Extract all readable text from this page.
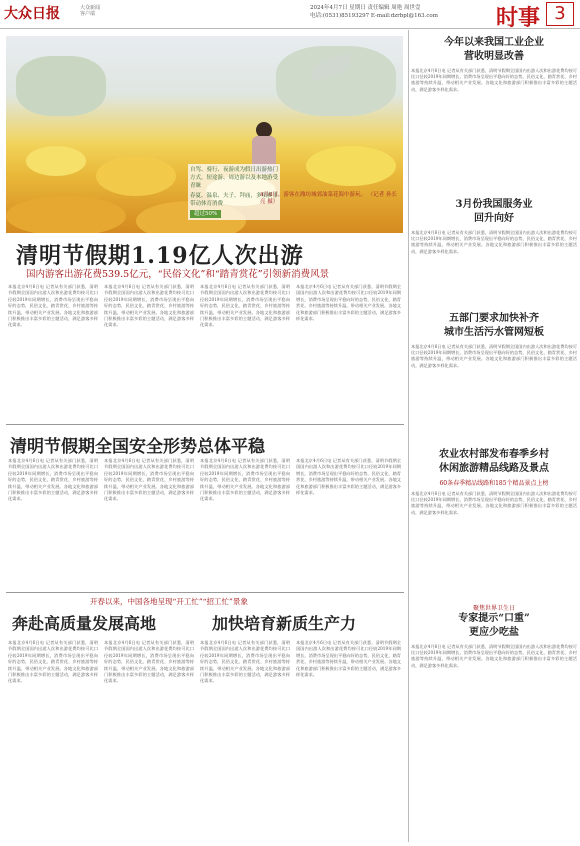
大众日报	大众新闻
客户端
2024年4月7日 星期日 责任编辑 周艳 周世壹
电话:(0531)85193297 E-mail:dzrbpl@163.com	时事 3
自驾、骑行、夜游成为假日出游热门方式，短途游、周边游以及本地游受青睐
春夏、温泉、夫子、拜庙，多项赛事带动体育消费
超过50%
4月6日，游客在潍坊城郊油菜花海中游玩。 （记者 孙长亮 摄）
清明节假期1.19亿人次出游
国内游客出游花费539.5亿元，“民俗文化”和“踏青赏花”引领新消费风景
本报北京4月6日电 记者从有关部门获悉，清明节假期全国国内出游人次和出游花费均按可比口径较2019年同期增长，消费市场呈现出平稳向好的态势，民俗文化、踏青赏花、乡村旅游等持续升温，带动相关产业发展。各地文化和旅游部门积极推出丰富多彩的主题活动，满足游客多样化需求。
本报北京4月6日电 记者从有关部门获悉，清明节假期全国国内出游人次和出游花费均按可比口径较2019年同期增长，消费市场呈现出平稳向好的态势，民俗文化、踏青赏花、乡村旅游等持续升温，带动相关产业发展。各地文化和旅游部门积极推出丰富多彩的主题活动，满足游客多样化需求。
本报北京4月6日电 记者从有关部门获悉，清明节假期全国国内出游人次和出游花费均按可比口径较2019年同期增长，消费市场呈现出平稳向好的态势，民俗文化、踏青赏花、乡村旅游等持续升温，带动相关产业发展。各地文化和旅游部门积极推出丰富多彩的主题活动，满足游客多样化需求。
本报北京4月6日电 记者从有关部门获悉，清明节假期全国国内出游人次和出游花费均按可比口径较2019年同期增长，消费市场呈现出平稳向好的态势，民俗文化、踏青赏花、乡村旅游等持续升温，带动相关产业发展。各地文化和旅游部门积极推出丰富多彩的主题活动，满足游客多样化需求。
清明节假期全国安全形势总体平稳
本报北京4月6日电 记者从有关部门获悉，清明节假期全国国内出游人次和出游花费均按可比口径较2019年同期增长，消费市场呈现出平稳向好的态势，民俗文化、踏青赏花、乡村旅游等持续升温，带动相关产业发展。各地文化和旅游部门积极推出丰富多彩的主题活动，满足游客多样化需求。
本报北京4月6日电 记者从有关部门获悉，清明节假期全国国内出游人次和出游花费均按可比口径较2019年同期增长，消费市场呈现出平稳向好的态势，民俗文化、踏青赏花、乡村旅游等持续升温，带动相关产业发展。各地文化和旅游部门积极推出丰富多彩的主题活动，满足游客多样化需求。
本报北京4月6日电 记者从有关部门获悉，清明节假期全国国内出游人次和出游花费均按可比口径较2019年同期增长，消费市场呈现出平稳向好的态势，民俗文化、踏青赏花、乡村旅游等持续升温，带动相关产业发展。各地文化和旅游部门积极推出丰富多彩的主题活动，满足游客多样化需求。
本报北京4月6日电 记者从有关部门获悉，清明节假期全国国内出游人次和出游花费均按可比口径较2019年同期增长，消费市场呈现出平稳向好的态势，民俗文化、踏青赏花、乡村旅游等持续升温，带动相关产业发展。各地文化和旅游部门积极推出丰富多彩的主题活动，满足游客多样化需求。
开春以来，中国各地呈现“开工忙”“招工忙”景象
奔赴高质量发展高地	加快培育新质生产力
本报北京4月6日电 记者从有关部门获悉，清明节假期全国国内出游人次和出游花费均按可比口径较2019年同期增长，消费市场呈现出平稳向好的态势，民俗文化、踏青赏花、乡村旅游等持续升温，带动相关产业发展。各地文化和旅游部门积极推出丰富多彩的主题活动，满足游客多样化需求。
本报北京4月6日电 记者从有关部门获悉，清明节假期全国国内出游人次和出游花费均按可比口径较2019年同期增长，消费市场呈现出平稳向好的态势，民俗文化、踏青赏花、乡村旅游等持续升温，带动相关产业发展。各地文化和旅游部门积极推出丰富多彩的主题活动，满足游客多样化需求。
本报北京4月6日电 记者从有关部门获悉，清明节假期全国国内出游人次和出游花费均按可比口径较2019年同期增长，消费市场呈现出平稳向好的态势，民俗文化、踏青赏花、乡村旅游等持续升温，带动相关产业发展。各地文化和旅游部门积极推出丰富多彩的主题活动，满足游客多样化需求。
本报北京4月6日电 记者从有关部门获悉，清明节假期全国国内出游人次和出游花费均按可比口径较2019年同期增长，消费市场呈现出平稳向好的态势，民俗文化、踏青赏花、乡村旅游等持续升温，带动相关产业发展。各地文化和旅游部门积极推出丰富多彩的主题活动，满足游客多样化需求。
今年以来我国工业企业
营收明显改善
本报北京4月6日电 记者从有关部门获悉，清明节假期全国国内出游人次和出游花费均按可比口径较2019年同期增长，消费市场呈现出平稳向好的态势，民俗文化、踏青赏花、乡村旅游等持续升温，带动相关产业发展。各地文化和旅游部门积极推出丰富多彩的主题活动，满足游客多样化需求。
3月份我国服务业
回升向好
本报北京4月6日电 记者从有关部门获悉，清明节假期全国国内出游人次和出游花费均按可比口径较2019年同期增长，消费市场呈现出平稳向好的态势，民俗文化、踏青赏花、乡村旅游等持续升温，带动相关产业发展。各地文化和旅游部门积极推出丰富多彩的主题活动，满足游客多样化需求。
五部门要求加快补齐
城市生活污水管网短板
本报北京4月6日电 记者从有关部门获悉，清明节假期全国国内出游人次和出游花费均按可比口径较2019年同期增长，消费市场呈现出平稳向好的态势，民俗文化、踏青赏花、乡村旅游等持续升温，带动相关产业发展。各地文化和旅游部门积极推出丰富多彩的主题活动，满足游客多样化需求。
农业农村部发布春季乡村
休闲旅游精品线路及景点
60条春季精品线路和185个精品景点上榜
本报北京4月6日电 记者从有关部门获悉，清明节假期全国国内出游人次和出游花费均按可比口径较2019年同期增长，消费市场呈现出平稳向好的态势，民俗文化、踏青赏花、乡村旅游等持续升温，带动相关产业发展。各地文化和旅游部门积极推出丰富多彩的主题活动，满足游客多样化需求。
聚焦世界卫生日
专家提示“口重”
更应少吃盐
本报北京4月6日电 记者从有关部门获悉，清明节假期全国国内出游人次和出游花费均按可比口径较2019年同期增长，消费市场呈现出平稳向好的态势，民俗文化、踏青赏花、乡村旅游等持续升温，带动相关产业发展。各地文化和旅游部门积极推出丰富多彩的主题活动，满足游客多样化需求。
